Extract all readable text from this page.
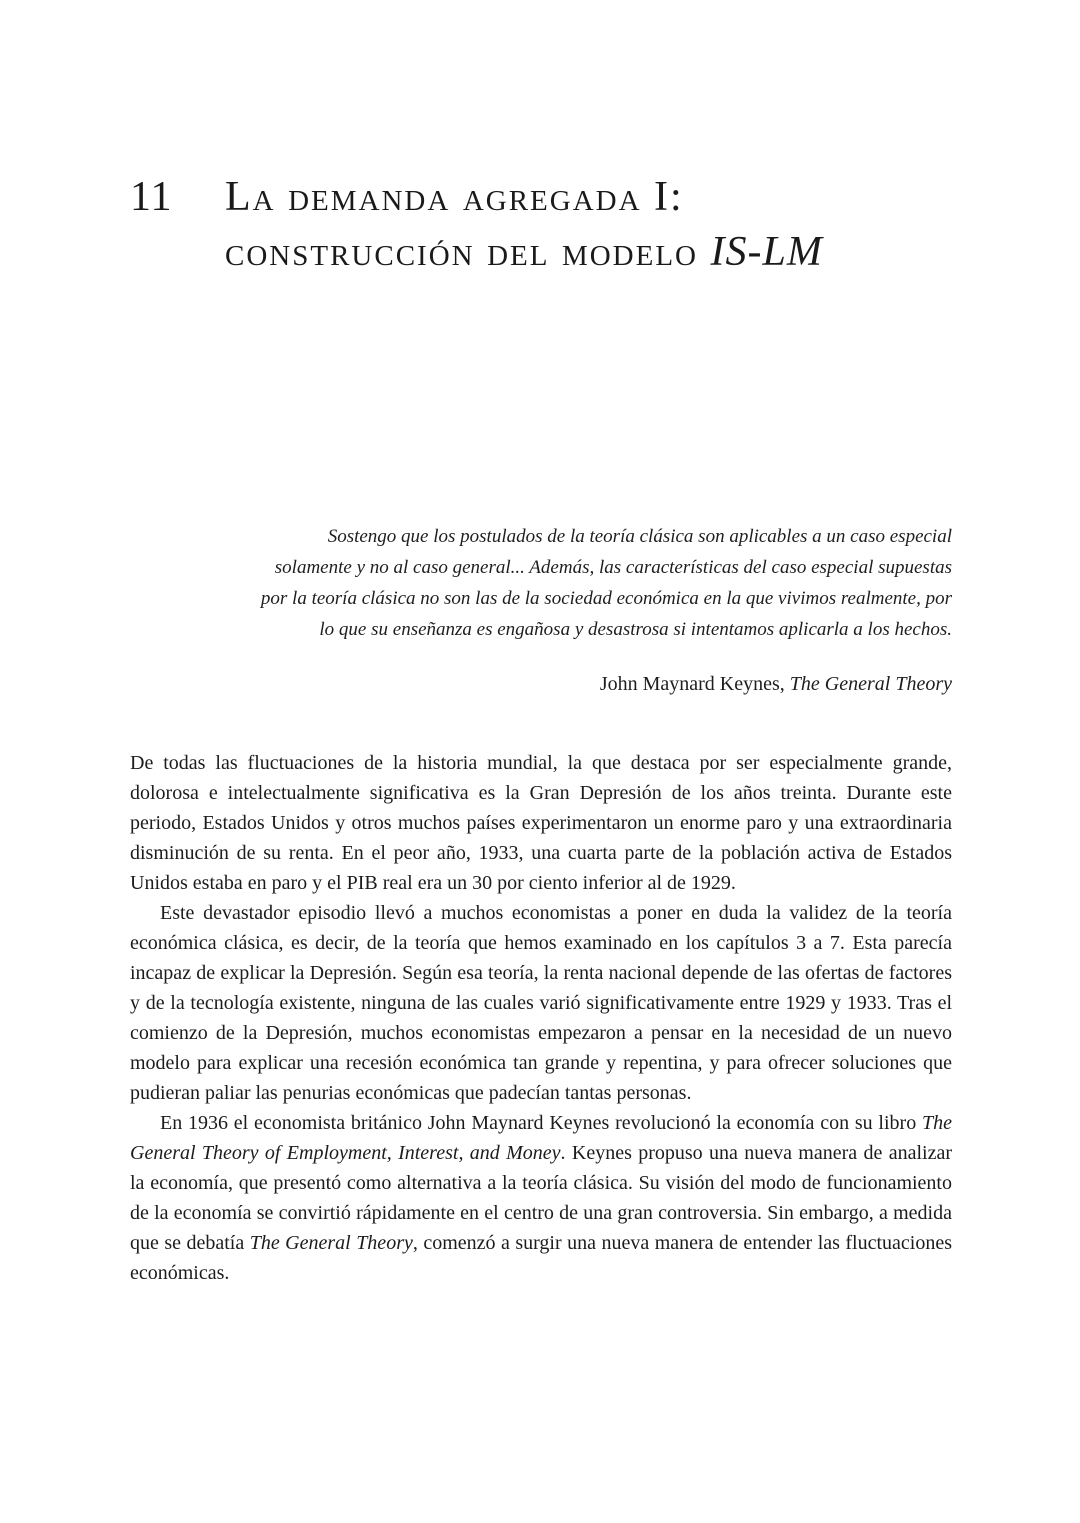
11	La demanda agregada I:
construcción del modelo IS-LM
Sostengo que los postulados de la teoría clásica son aplicables a un caso especial
solamente y no al caso general... Además, las características del caso especial supuestas
por la teoría clásica no son las de la sociedad económica en la que vivimos realmente, por
lo que su enseñanza es engañosa y desastrosa si intentamos aplicarla a los hechos.
John Maynard Keynes, The General Theory

De todas las fluctuaciones de la historia mundial, la que destaca por ser especialmente grande, dolorosa e intelectualmente significativa es la Gran Depresión de los años treinta. Durante este periodo, Estados Unidos y otros muchos países experimentaron un enorme paro y una extraordinaria disminución de su renta. En el peor año, 1933, una cuarta parte de la población activa de Estados Unidos estaba en paro y el PIB real era un 30 por ciento inferior al de 1929.

Este devastador episodio llevó a muchos economistas a poner en duda la validez de la teoría económica clásica, es decir, de la teoría que hemos examinado en los capítulos 3 a 7. Esta parecía incapaz de explicar la Depresión. Según esa teoría, la renta nacional depende de las ofertas de factores y de la tecnología existente, ninguna de las cuales varió significativamente entre 1929 y 1933. Tras el comienzo de la Depresión, muchos economistas empezaron a pensar en la necesidad de un nuevo modelo para explicar una recesión económica tan grande y repentina, y para ofrecer soluciones que pudieran paliar las penurias económicas que padecían tantas personas.

En 1936 el economista británico John Maynard Keynes revolucionó la economía con su libro The General Theory of Employment, Interest, and Money. Keynes propuso una nueva manera de analizar la economía, que presentó como alternativa a la teoría clásica. Su visión del modo de funcionamiento de la economía se convirtió rápidamente en el centro de una gran controversia. Sin embargo, a medida que se debatía The General Theory, comenzó a surgir una nueva manera de entender las fluctuaciones económicas.
